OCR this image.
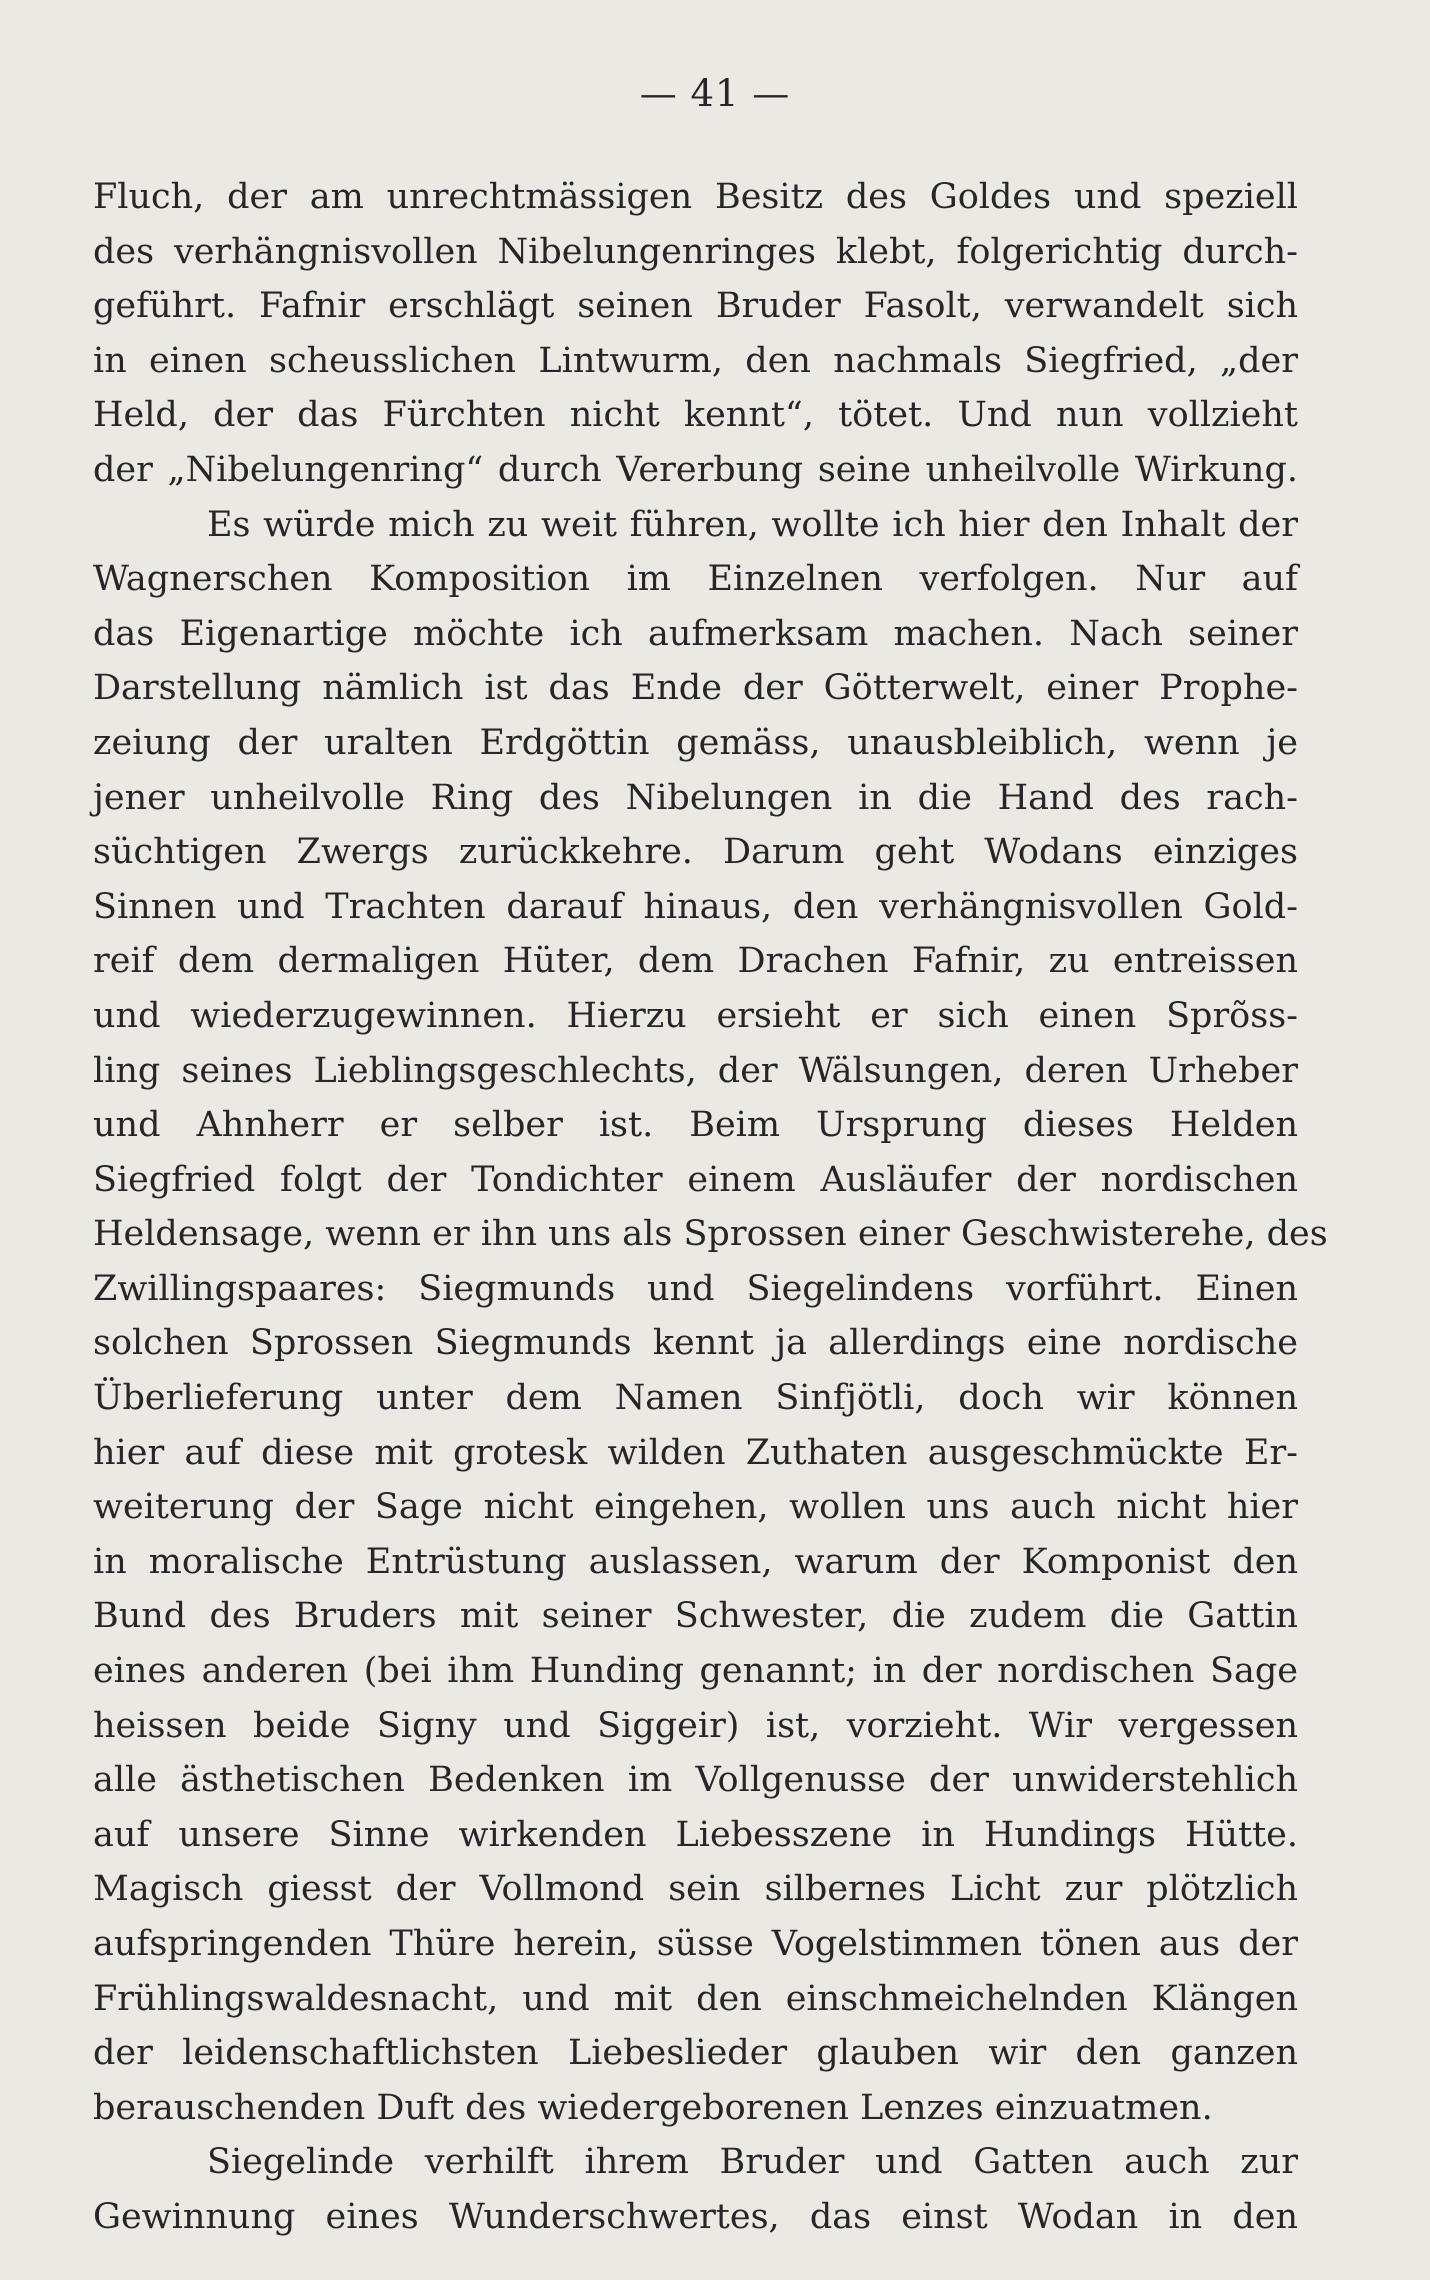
— 41 —
Fluch, der am unrechtmässigen Besitz des Goldes und speziell
des verhängnisvollen Nibelungenringes klebt, folgerichtig durch-
geführt. Fafnir erschlägt seinen Bruder Fasolt, verwandelt sich
in einen scheusslichen Lintwurm, den nachmals Siegfried, „der
Held, der das Fürchten nicht kennt“, tötet. Und nun vollzieht
der „Nibelungenring“ durch Vererbung seine unheilvolle Wirkung.
Es würde mich zu weit führen, wollte ich hier den Inhalt der
Wagnerschen Komposition im Einzelnen verfolgen. Nur auf
das Eigenartige möchte ich aufmerksam machen. Nach seiner
Darstellung nämlich ist das Ende der Götterwelt, einer Prophe-
zeiung der uralten Erdgöttin gemäss, unausbleiblich, wenn je
jener unheilvolle Ring des Nibelungen in die Hand des rach-
süchtigen Zwergs zurückkehre. Darum geht Wodans einziges
Sinnen und Trachten darauf hinaus, den verhängnisvollen Gold-
reif dem dermaligen Hüter, dem Drachen Fafnir, zu entreissen
und wiederzugewinnen. Hierzu ersieht er sich einen Sprõss-
ling seines Lieblingsgeschlechts, der Wälsungen, deren Urheber
und Ahnherr er selber ist. Beim Ursprung dieses Helden
Siegfried folgt der Tondichter einem Ausläufer der nordischen
Heldensage, wenn er ihn uns als Sprossen einer Geschwisterehe, des
Zwillingspaares: Siegmunds und Siegelindens vorführt. Einen
solchen Sprossen Siegmunds kennt ja allerdings eine nordische
Überlieferung unter dem Namen Sinfjötli, doch wir können
hier auf diese mit grotesk wilden Zuthaten ausgeschmückte Er-
weiterung der Sage nicht eingehen, wollen uns auch nicht hier
in moralische Entrüstung auslassen, warum der Komponist den
Bund des Bruders mit seiner Schwester, die zudem die Gattin
eines anderen (bei ihm Hunding genannt; in der nordischen Sage
heissen beide Signy und Siggeir) ist, vorzieht. Wir vergessen
alle ästhetischen Bedenken im Vollgenusse der unwiderstehlich
auf unsere Sinne wirkenden Liebesszene in Hundings Hütte.
Magisch giesst der Vollmond sein silbernes Licht zur plötzlich
aufspringenden Thüre herein, süsse Vogelstimmen tönen aus der
Frühlingswaldesnacht, und mit den einschmeichelnden Klängen
der leidenschaftlichsten Liebeslieder glauben wir den ganzen
berauschenden Duft des wiedergeborenen Lenzes einzuatmen.
Siegelinde verhilft ihrem Bruder und Gatten auch zur
Gewinnung eines Wunderschwertes, das einst Wodan in den
